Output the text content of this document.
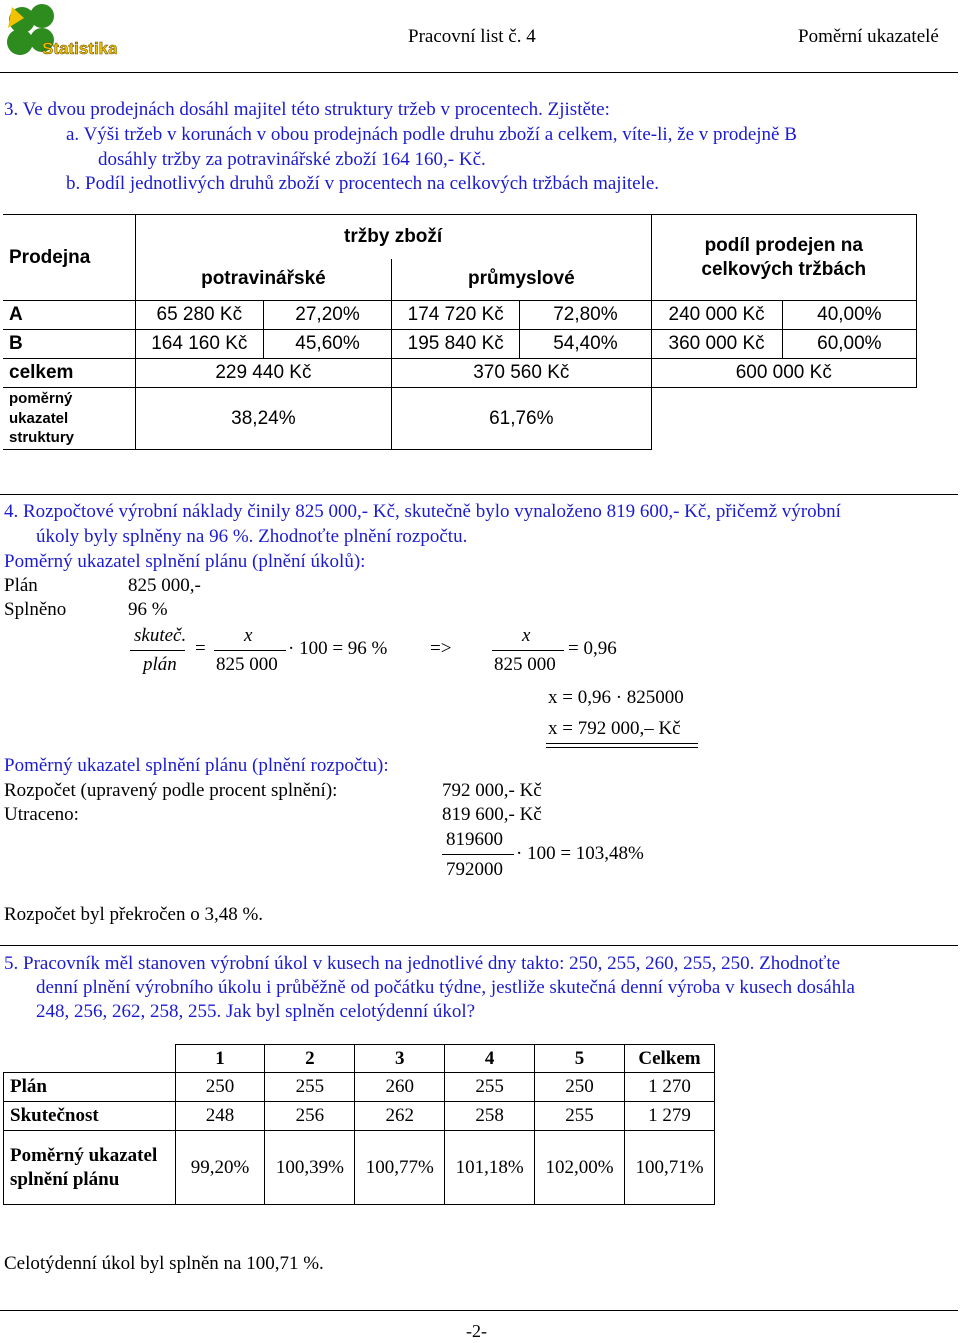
Statistika
Pracovní list č. 4	Poměrní ukazatelé
3. Ve dvou prodejnách dosáhl majitel této struktury tržeb v procentech. Zjistěte:
a. Výši tržeb v korunách v obou prodejnách podle druhu zboží a celkem, víte-li, že v prodejně B
dosáhly tržby za potravinářské zboží 164 160,- Kč.
b. Podíl jednotlivých druhů zboží v procentech na celkových tržbách majitele.
Prodejna	tržby zboží				podíl prodejen na celkových tržbách	
	potravinářské		průmyslové			
A	65 280 Kč	27,20%	174 720 Kč	72,80%	240 000 Kč	40,00%
B	164 160 Kč	45,60%	195 840 Kč	54,40%	360 000 Kč	60,00%
celkem	229 440 Kč		370 560 Kč		600 000 Kč	
poměrný ukazatel struktury	38,24%		61,76%			
4. Rozpočtové výrobní náklady činily 825 000,- Kč, skutečně bylo vynaloženo 819 600,- Kč, přičemž výrobní
úkoly byly splněny na 96 %. Zhodnoťte plnění rozpočtu.
Poměrný ukazatel splnění plánu (plnění úkolů):
Plán	825 000,-
Splněno	96 %
skuteč.
plán
=
x
825 000
· 100 = 96 % =>
x
825 000
= 0,96
x = 0,96 · 825000
x = 792 000,– Kč
Poměrný ukazatel splnění plánu (plnění rozpočtu):
Rozpočet (upravený podle procent splnění):	792 000,- Kč
Utraceno:	819 600,- Kč
819600
792000
· 100 = 103,48%
Rozpočet byl překročen o 3,48 %.
5. Pracovník měl stanoven výrobní úkol v kusech na jednotlivé dny takto: 250, 255, 260, 255, 250. Zhodnoťte
denní plnění výrobního úkolu i průběžně od počátku týdne, jestliže skutečná denní výroba v kusech dosáhla
248, 256, 262, 258, 255. Jak byl splněn celotýdenní úkol?
	1	2	3	4	5	Celkem
Plán	250	255	260	255	250	1 270
Skutečnost	248	256	262	258	255	1 279
Poměrný ukazatel splnění plánu	99,20%	100,39%	100,77%	101,18%	102,00%	100,71%
Celotýdenní úkol byl splněn na 100,71 %.
-2-
